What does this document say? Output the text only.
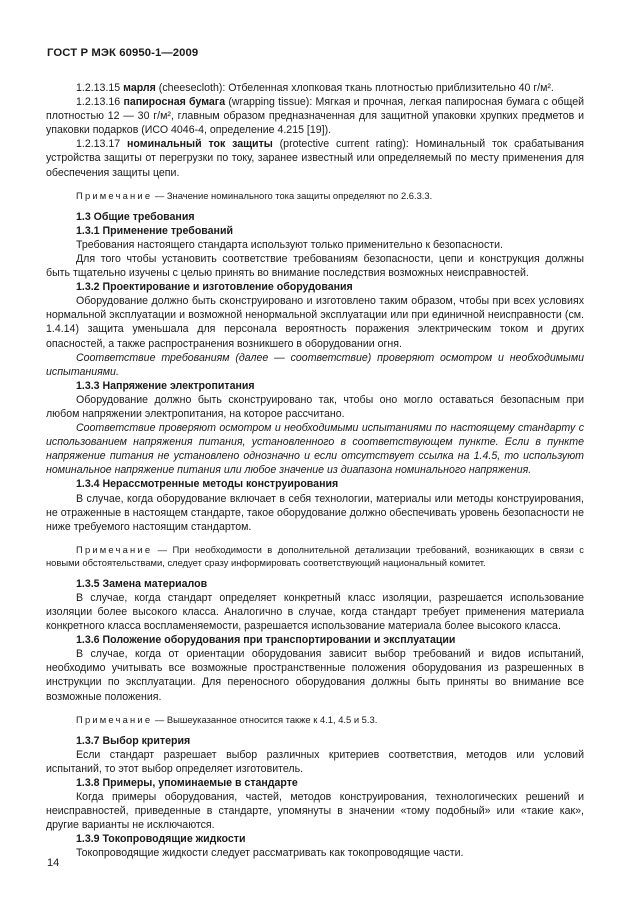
ГОСТ Р МЭК 60950-1—2009

1.2.13.15 марля (cheesecloth): Отбеленная хлопковая ткань плотностью приблизительно 40 г/м².

1.2.13.16 папиросная бумага (wrapping tissue): Мягкая и прочная, легкая папиросная бумага с общей плотностью 12 — 30 г/м², главным образом предназначенная для защитной упаковки хрупких предметов и упаковки подарков (ИСО 4046-4, определение 4.215 [19]).

1.2.13.17 номинальный ток защиты (protective current rating): Номинальный ток срабатывания устройства защиты от перегрузки по току, заранее известный или определяемый по месту применения для обеспечения защиты цепи.

Примечание — Значение номинального тока защиты определяют по 2.6.3.3.

1.3 Общие требования

1.3.1 Применение требований

Требования настоящего стандарта используют только применительно к безопасности.

Для того чтобы установить соответствие требованиям безопасности, цепи и конструкция должны быть тщательно изучены с целью принять во внимание последствия возможных неисправностей.

1.3.2 Проектирование и изготовление оборудования

Оборудование должно быть сконструировано и изготовлено таким образом, чтобы при всех условиях нормальной эксплуатации и возможной ненормальной эксплуатации или при единичной неисправности (см. 1.4.14) защита уменьшала для персонала вероятность поражения электрическим током и других опасностей, а также распространения возникшего в оборудовании огня.

Соответствие требованиям (далее — соответствие) проверяют осмотром и необходимыми испытаниями.

1.3.3 Напряжение электропитания

Оборудование должно быть сконструировано так, чтобы оно могло оставаться безопасным при любом напряжении электропитания, на которое рассчитано.

Соответствие проверяют осмотром и необходимыми испытаниями по настоящему стандарту с использованием напряжения питания, установленного в соответствующем пункте. Если в пункте напряжение питания не установлено однозначно и если отсутствует ссылка на 1.4.5, то используют номинальное напряжение питания или любое значение из диапазона номинального напряжения.

1.3.4 Нерассмотренные методы конструирования

В случае, когда оборудование включает в себя технологии, материалы или методы конструирования, не отраженные в настоящем стандарте, такое оборудование должно обеспечивать уровень безопасности не ниже требуемого настоящим стандартом.

Примечание — При необходимости в дополнительной детализации требований, возникающих в связи с новыми обстоятельствами, следует сразу информировать соответствующий национальный комитет.

1.3.5 Замена материалов

В случае, когда стандарт определяет конкретный класс изоляции, разрешается использование изоляции более высокого класса. Аналогично в случае, когда стандарт требует применения материала конкретного класса воспламеняемости, разрешается использование материала более высокого класса.

1.3.6 Положение оборудования при транспортировании и эксплуатации

В случае, когда от ориентации оборудования зависит выбор требований и видов испытаний, необходимо учитывать все возможные пространственные положения оборудования из разрешенных в инструкции по эксплуатации. Для переносного оборудования должны быть приняты во внимание все возможные положения.

Примечание — Вышеуказанное относится также к 4.1, 4.5 и 5.3.

1.3.7 Выбор критерия

Если стандарт разрешает выбор различных критериев соответствия, методов или условий испытаний, то этот выбор определяет изготовитель.

1.3.8 Примеры, упоминаемые в стандарте

Когда примеры оборудования, частей, методов конструирования, технологических решений и неисправностей, приведенные в стандарте, упомянуты в значении «тому подобный» или «такие как», другие варианты не исключаются.

1.3.9 Токопроводящие жидкости

Токопроводящие жидкости следует рассматривать как токопроводящие части.

14
